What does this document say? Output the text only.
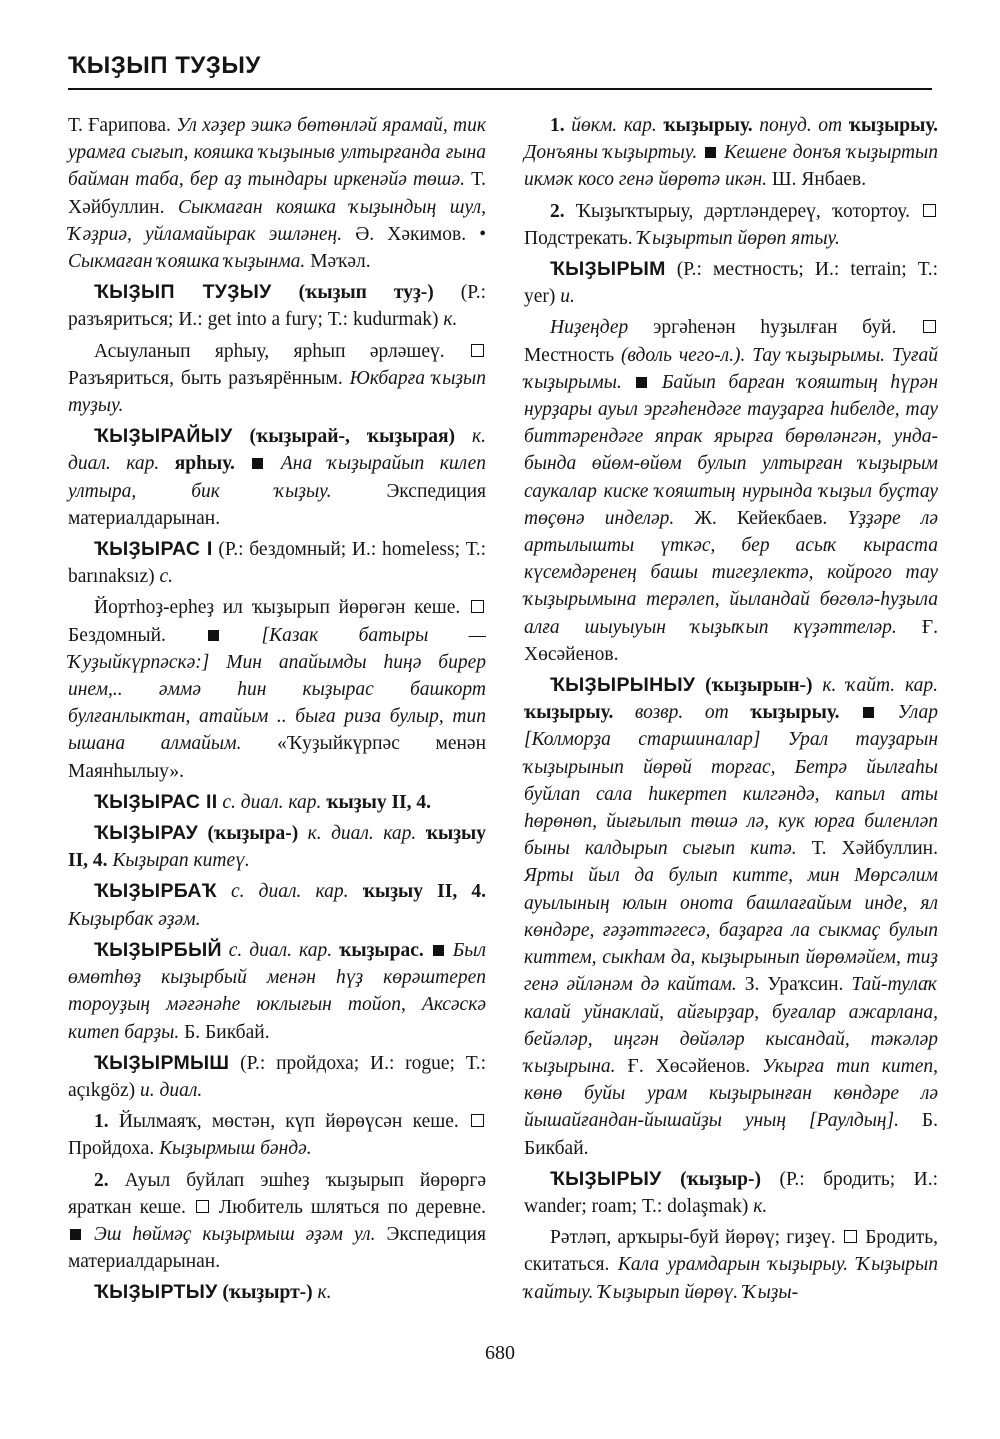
ҠЫҘЫП ТУҘЫУ

Т. Ғарипова. Ул хәҙер эшкә бөтөнләй ярамай, тик урамға сығып, кояшка ҡыҙыныв ултырғанда ғына байман таба, бер аҙ тындары иркенәйә төшә. Т. Хәйбуллин. Сыкмаған кояшка ҡыҙындың шул, Ҡәҙриә, уйламайырак эшләнең. Ә. Хәкимов. • Сыкмаған ҡояшка ҡыҙынма. Мәҡәл.

ҠЫҘЫП ТУҘЫУ (ҡыҙып туҙ-) (Р.: разъяриться; И.: get into a fury; Т.: kudurmak) к.

Асыуланып ярһыу, ярһып әрләшеү.  Разъяриться, быть разъярённым. Юкбарға ҡыҙып туҙыу.

ҠЫҘЫРАЙЫУ (ҡыҙырай-, ҡыҙырая) к. диал. кар. ярһыу. Ана ҡыҙырайып килеп ултыра, бик ҡыҙыу.	Экспедиция материалдарынан.

ҠЫҘЫРАС I (Р.: бездомный; И.: homeless; Т.: barınaksız) с.

Йортһоҙ-ерһеҙ ил ҡыҙырып йөрөгән кеше.  Бездомный.	[Казак батыры — Ҡуҙыйкүрпәскә:] Мин апайымды һиңә бирер инем,.. әммә һин кыҙырас башкорт булғанлыктан, атайым .. быға риза булыр, тип ышана алмайым. «Ҡуҙыйкүрпәс менән Маянһылыу».

ҠЫҘЫРАС II с. диал. кар. ҡыҙыу II, 4.

ҠЫҘЫРАУ (ҡыҙыра-) к. диал. кар. ҡыҙыу II, 4. Кыҙырап китеү.

ҠЫҘЫРБАҠ с. диал. кар. ҡыҙыу II, 4. Кыҙырбак әҙәм.

ҠЫҘЫРБЫЙ с. диал. кар. ҡыҙырас. Был өмөтһөҙ кыҙырбый менән һүҙ көрәштереп тороуҙың мәғәнәһе юклығын тойоп, Аксәскә китеп барҙы. Б. Бикбай.

ҠЫҘЫРМЫШ (Р.: пройдоха; И.: rogue; Т.: açıkgöz) и. диал.

1. Йылмаяҡ, мөстән, күп йөрөүсән кеше.  Пройдоха. Кыҙырмыш бәндә.

2. Ауыл буйлап эшһеҙ ҡыҙырып йөрөргә яраткан кеше. Любитель шляться по деревне.  Эш һөймәҫ кыҙырмыш әҙәм ул. Экспедиция материалдарынан.

ҠЫҘЫРТЫУ (ҡыҙырт-) к.

1. йөкм. кар. ҡыҙырыу. понуд. от ҡыҙырыу. Донъяны ҡыҙыртыу. Кешене донъя ҡыҙыртып икмәк косо генә йөрөтә икән. Ш. Янбаев.

2. Ҡыҙыҡтырыу, дәртләндереү, ҡотортоу.  Подстрекать. Ҡыҙыртып йөрөп ятыу.

ҠЫҘЫРЫМ (Р.: местность; И.: terrain; Т.: yer) и.

Ниҙеңдер эргәһенән һуҙылған буй.  Местность (вдоль чего-л.). Тау ҡыҙырымы. Туғай ҡыҙырымы. Байып барған ҡояштың һүрән нурҙары ауыл эргәһендәге тауҙарға һибелде, тау биттәрендәге япрак ярырға бөрөләнгән, унда-бында өйөм-өйөм булып ултырған ҡыҙырым саукалар киске ҡояштың нурында ҡыҙыл буҫтау төҫөнә инделәр. Ж. Кейекбаев. Үҙҙәре лә артылышты үткәс, бер асыҡ кыраста күсемдәренең башы тигеҙлектә, койрого тау ҡыҙырымына терәлеп, йыландай бөгөлә-һуҙыла алға шыуыуын ҡыҙыҡып күҙәттеләр. Ғ. Хөсәйенов.

ҠЫҘЫРЫНЫУ (ҡыҙырын-) к. ҡайт. кар. ҡыҙырыу. возвр. от ҡыҙырыу.	Улар [Колморҙа старшиналар] Урал тауҙарын ҡыҙырынып йөрөй торғас, Бетрә йылғаһы буйлап сала һикертеп килгәндә, капыл аты һөрөнөп, йығылып төшә лә, кук юрға биленләп быны калдырып сығып китә. Т. Хәйбуллин. Ярты йыл да булып китте, мин Мөрсәлим ауылының юлын онота башлағайым инде, ял көндәре, ғәҙәттәгесә, баҙарға ла сыкмаҫ булып киттем, сыкһам да, кыҙырынып йөрөмәйем, тиҙ генә әйләнәм дә кайтам. З. Ураҡсин. Тай-тулаҡ калай уйнаклай, айғырҙар, буғалар ажарлана, бейәләр, иңгән дөйәләр кысандай, тәкәләр ҡыҙырына. Ғ. Хөсәйенов. Укырға тип китеп, көнө буйы урам кыҙырынған көндәре лә йышайғандан-йышайҙы уның [Раулдың]. Б. Бикбай.

ҠЫҘЫРЫУ (ҡыҙыр-) (Р.: бродить; И.: wander; roam; Т.: dolaşmak) к.

Рәтләп, арҡыры-буй йөрөү; гиҙеү. Бродить, скитаться. Кала урамдарын ҡыҙырыу. Ҡыҙырып ҡайтыу. Ҡыҙырып йөрөү. Ҡыҙы-

680
